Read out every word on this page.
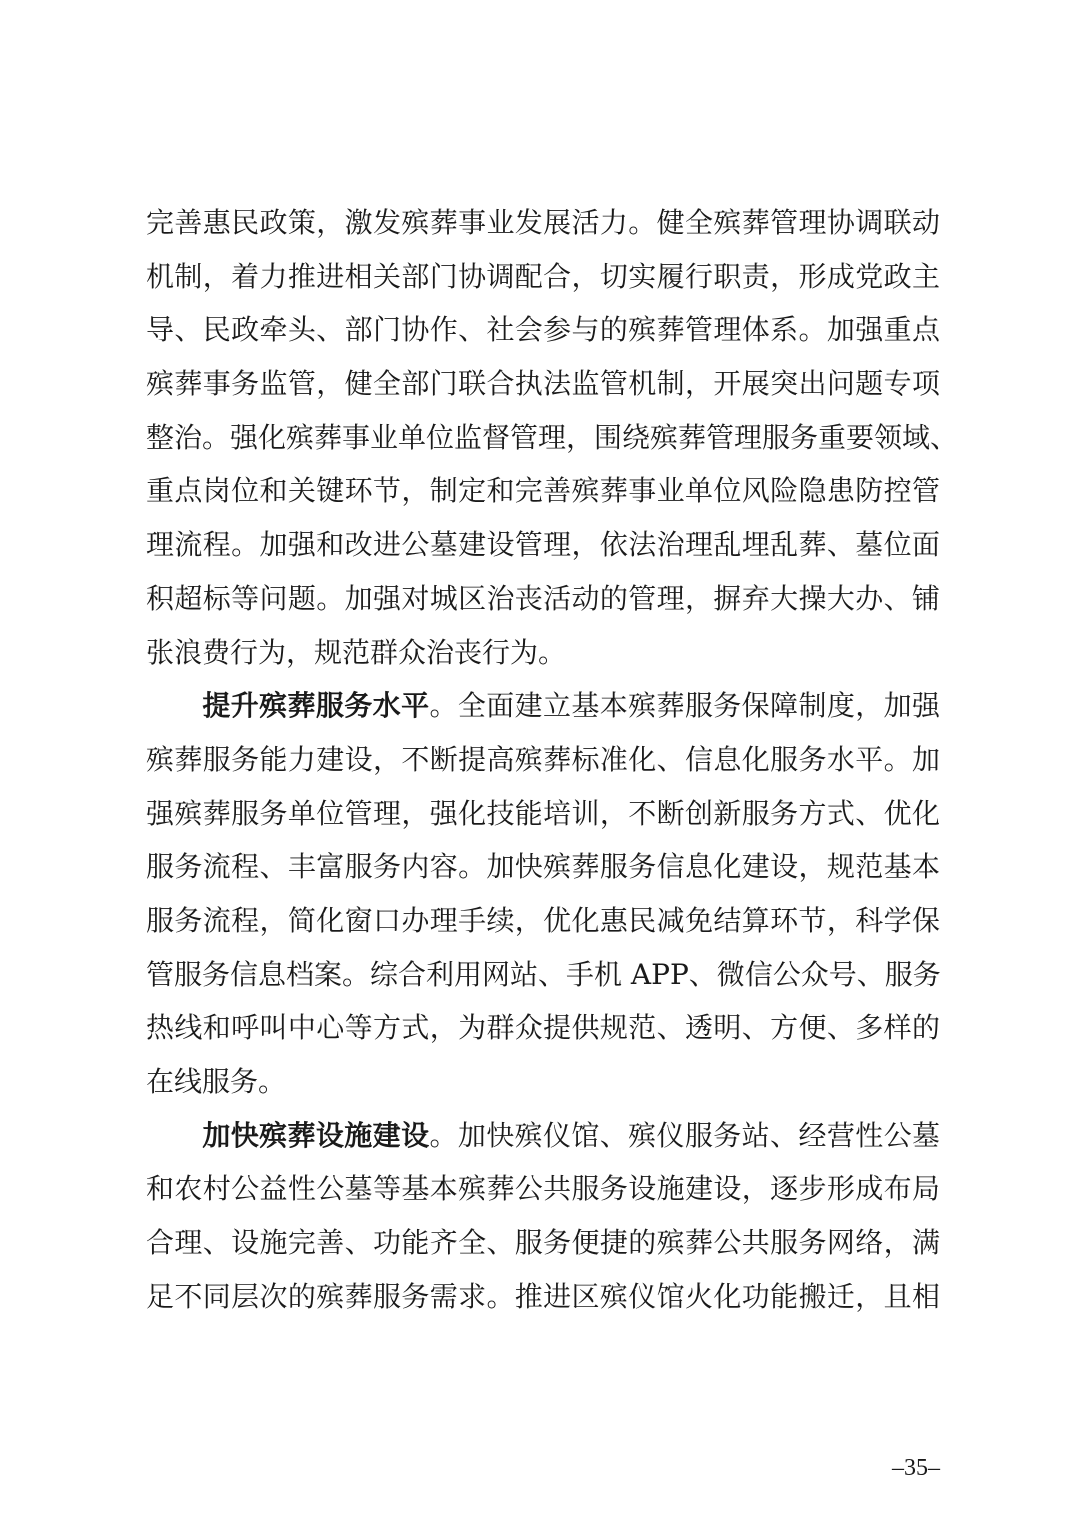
完善惠民政策，激发殡葬事业发展活力。健全殡葬管理协调联动
机制，着力推进相关部门协调配合，切实履行职责，形成党政主
导、民政牵头、部门协作、社会参与的殡葬管理体系。加强重点
殡葬事务监管，健全部门联合执法监管机制，开展突出问题专项
整治。强化殡葬事业单位监督管理，围绕殡葬管理服务重要领域、
重点岗位和关键环节，制定和完善殡葬事业单位风险隐患防控管
理流程。加强和改进公墓建设管理，依法治理乱埋乱葬、墓位面
积超标等问题。加强对城区治丧活动的管理，摒弃大操大办、铺
张浪费行为，规范群众治丧行为。
提升殡葬服务水平。全面建立基本殡葬服务保障制度，加强
殡葬服务能力建设，不断提高殡葬标准化、信息化服务水平。加
强殡葬服务单位管理，强化技能培训，不断创新服务方式、优化
服务流程、丰富服务内容。加快殡葬服务信息化建设，规范基本
服务流程，简化窗口办理手续，优化惠民减免结算环节，科学保
管服务信息档案。综合利用网站、手机 APP、微信公众号、服务
热线和呼叫中心等方式，为群众提供规范、透明、方便、多样的
在线服务。
加快殡葬设施建设。加快殡仪馆、殡仪服务站、经营性公墓
和农村公益性公墓等基本殡葬公共服务设施建设，逐步形成布局
合理、设施完善、功能齐全、服务便捷的殡葬公共服务网络，满
足不同层次的殡葬服务需求。推进区殡仪馆火化功能搬迁，且相
–35–
